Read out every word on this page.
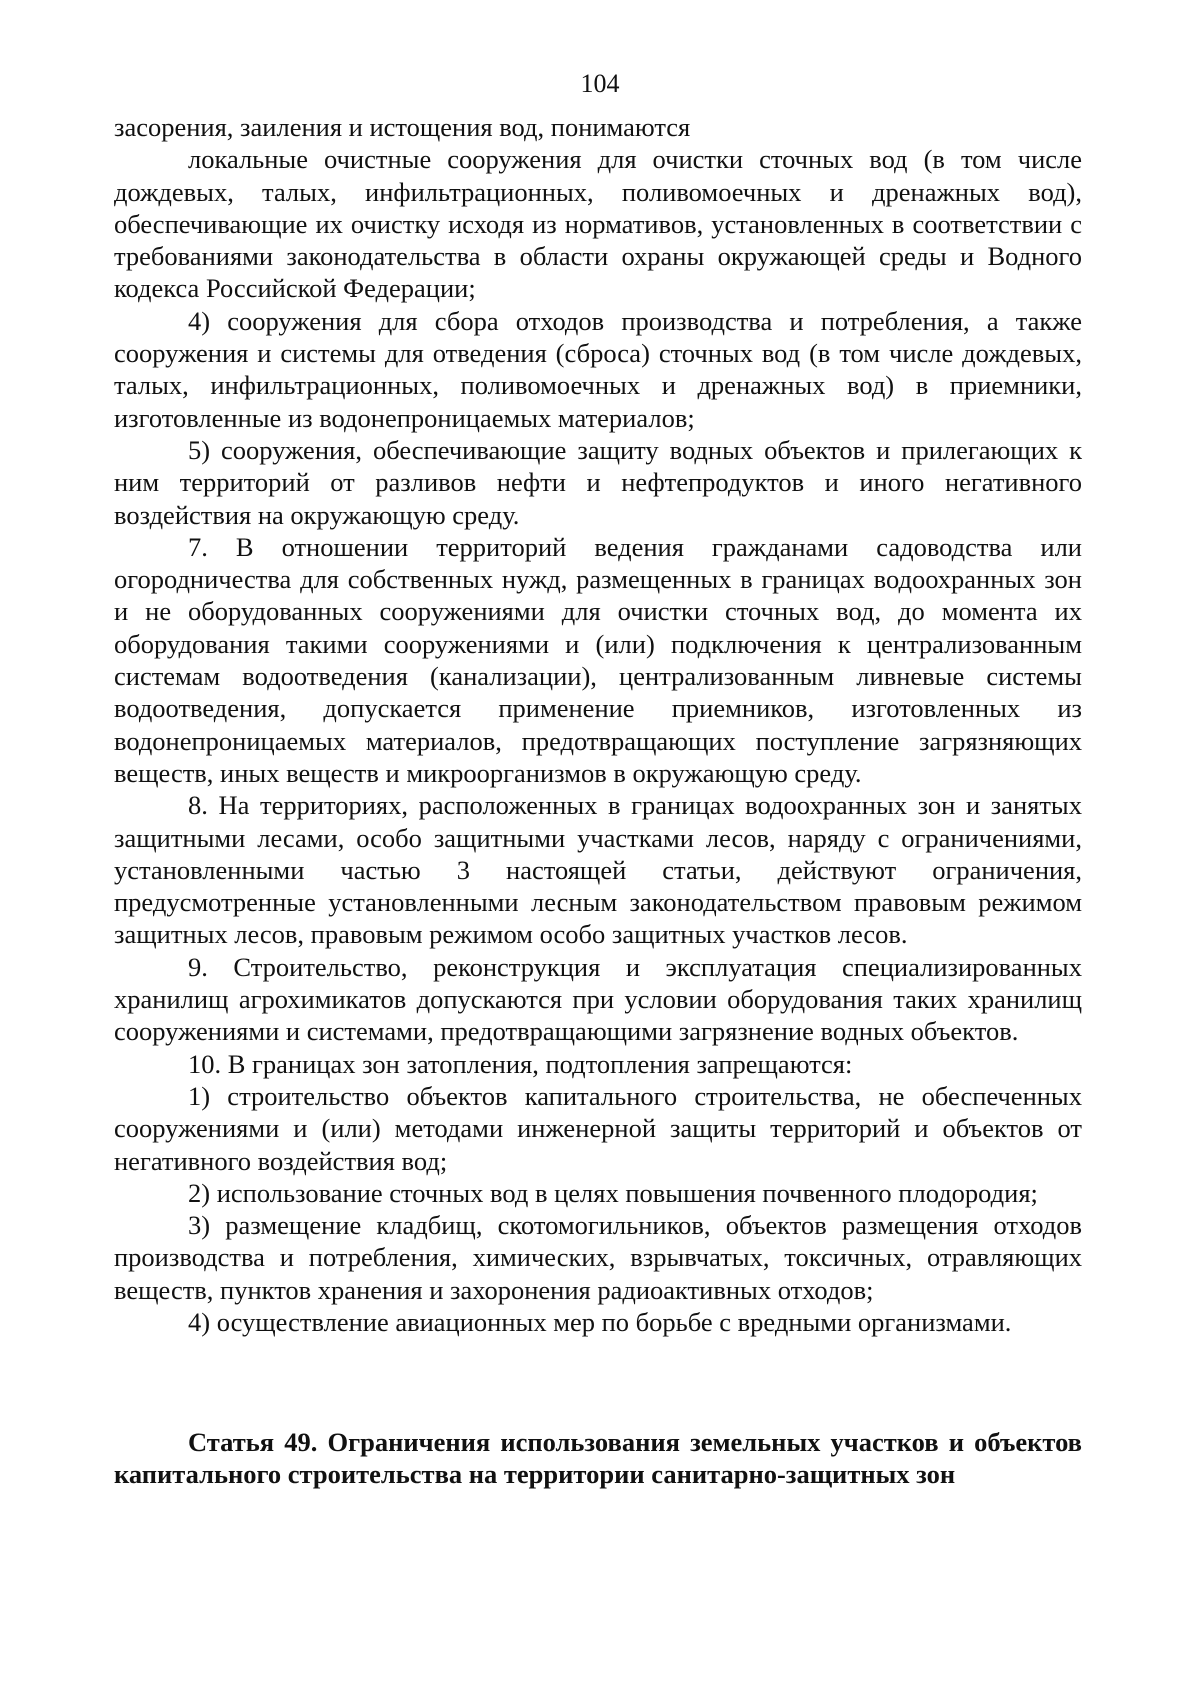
104

засорения, заиления и истощения вод, понимаются

локальные очистные сооружения для очистки сточных вод (в том числе дождевых, талых, инфильтрационных, поливомоечных и дренажных вод), обеспечивающие их очистку исходя из нормативов, установленных в соответствии с требованиями законодательства в области охраны окружающей среды и Водного кодекса Российской Федерации;

4) сооружения для сбора отходов производства и потребления, а также сооружения и системы для отведения (сброса) сточных вод (в том числе дождевых, талых, инфильтрационных, поливомоечных и дренажных вод) в приемники, изготовленные из водонепроницаемых материалов;

5) сооружения, обеспечивающие защиту водных объектов и прилегающих к ним территорий от разливов нефти и нефтепродуктов и иного негативного воздействия на окружающую среду.

7. В отношении территорий ведения гражданами садоводства или огородничества для собственных нужд, размещенных в границах водоохранных зон и не оборудованных сооружениями для очистки сточных вод, до момента их оборудования такими сооружениями и (или) подключения к централизованным системам водоотведения (канализации), централизованным ливневые системы водоотведения, допускается применение приемников, изготовленных из водонепроницаемых материалов, предотвращающих поступление загрязняющих веществ, иных веществ и микроорганизмов в окружающую среду.

8. На территориях, расположенных в границах водоохранных зон и занятых защитными лесами, особо защитными участками лесов, наряду с ограничениями, установленными частью 3 настоящей статьи, действуют ограничения, предусмотренные установленными лесным законодательством правовым режимом защитных лесов, правовым режимом особо защитных участков лесов.

9. Строительство, реконструкция и эксплуатация специализированных хранилищ агрохимикатов допускаются при условии оборудования таких хранилищ сооружениями и системами, предотвращающими загрязнение водных объектов.

10. В границах зон затопления, подтопления запрещаются:

1) строительство объектов капитального строительства, не обеспеченных сооружениями и (или) методами инженерной защиты территорий и объектов от негативного воздействия вод;

2) использование сточных вод в целях повышения почвенного плодородия;

3) размещение кладбищ, скотомогильников, объектов размещения отходов производства и потребления, химических, взрывчатых, токсичных, отравляющих веществ, пунктов хранения и захоронения радиоактивных отходов;

4) осуществление авиационных мер по борьбе с вредными организмами.

Статья 49. Ограничения использования земельных участков и объектов капитального строительства на территории санитарно-защитных зон
